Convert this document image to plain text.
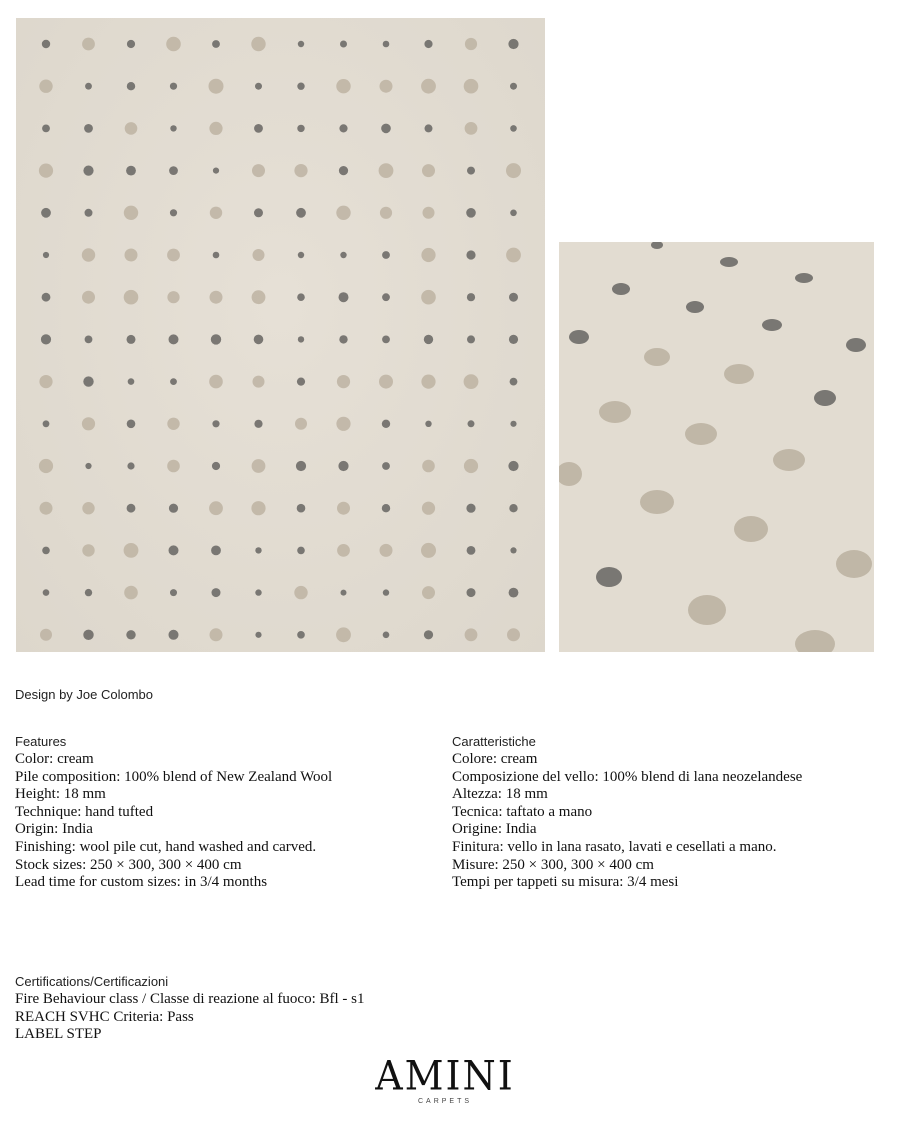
Design by Joe Colombo
Features
Color: cream
Pile composition: 100% blend of New Zealand Wool
Height: 18 mm
Technique: hand tufted
Origin: India
Finishing: wool pile cut, hand washed and carved.
Stock sizes: 250 × 300, 300 × 400 cm
Lead time for custom sizes: in 3/4 months
Caratteristiche
Colore: cream
Composizione del vello: 100% blend di lana neozelandese
Altezza: 18 mm
Tecnica: taftato a mano
Origine: India
Finitura: vello in lana rasato, lavati e cesellati a mano.
Misure: 250 × 300, 300 × 400 cm
Tempi per tappeti su misura: 3/4 mesi
Certifications/Certificazioni
Fire Behaviour class / Classe di reazione al fuoco: Bfl - s1
REACH SVHC Criteria: Pass
LABEL STEP
AMINI
CARPETS
